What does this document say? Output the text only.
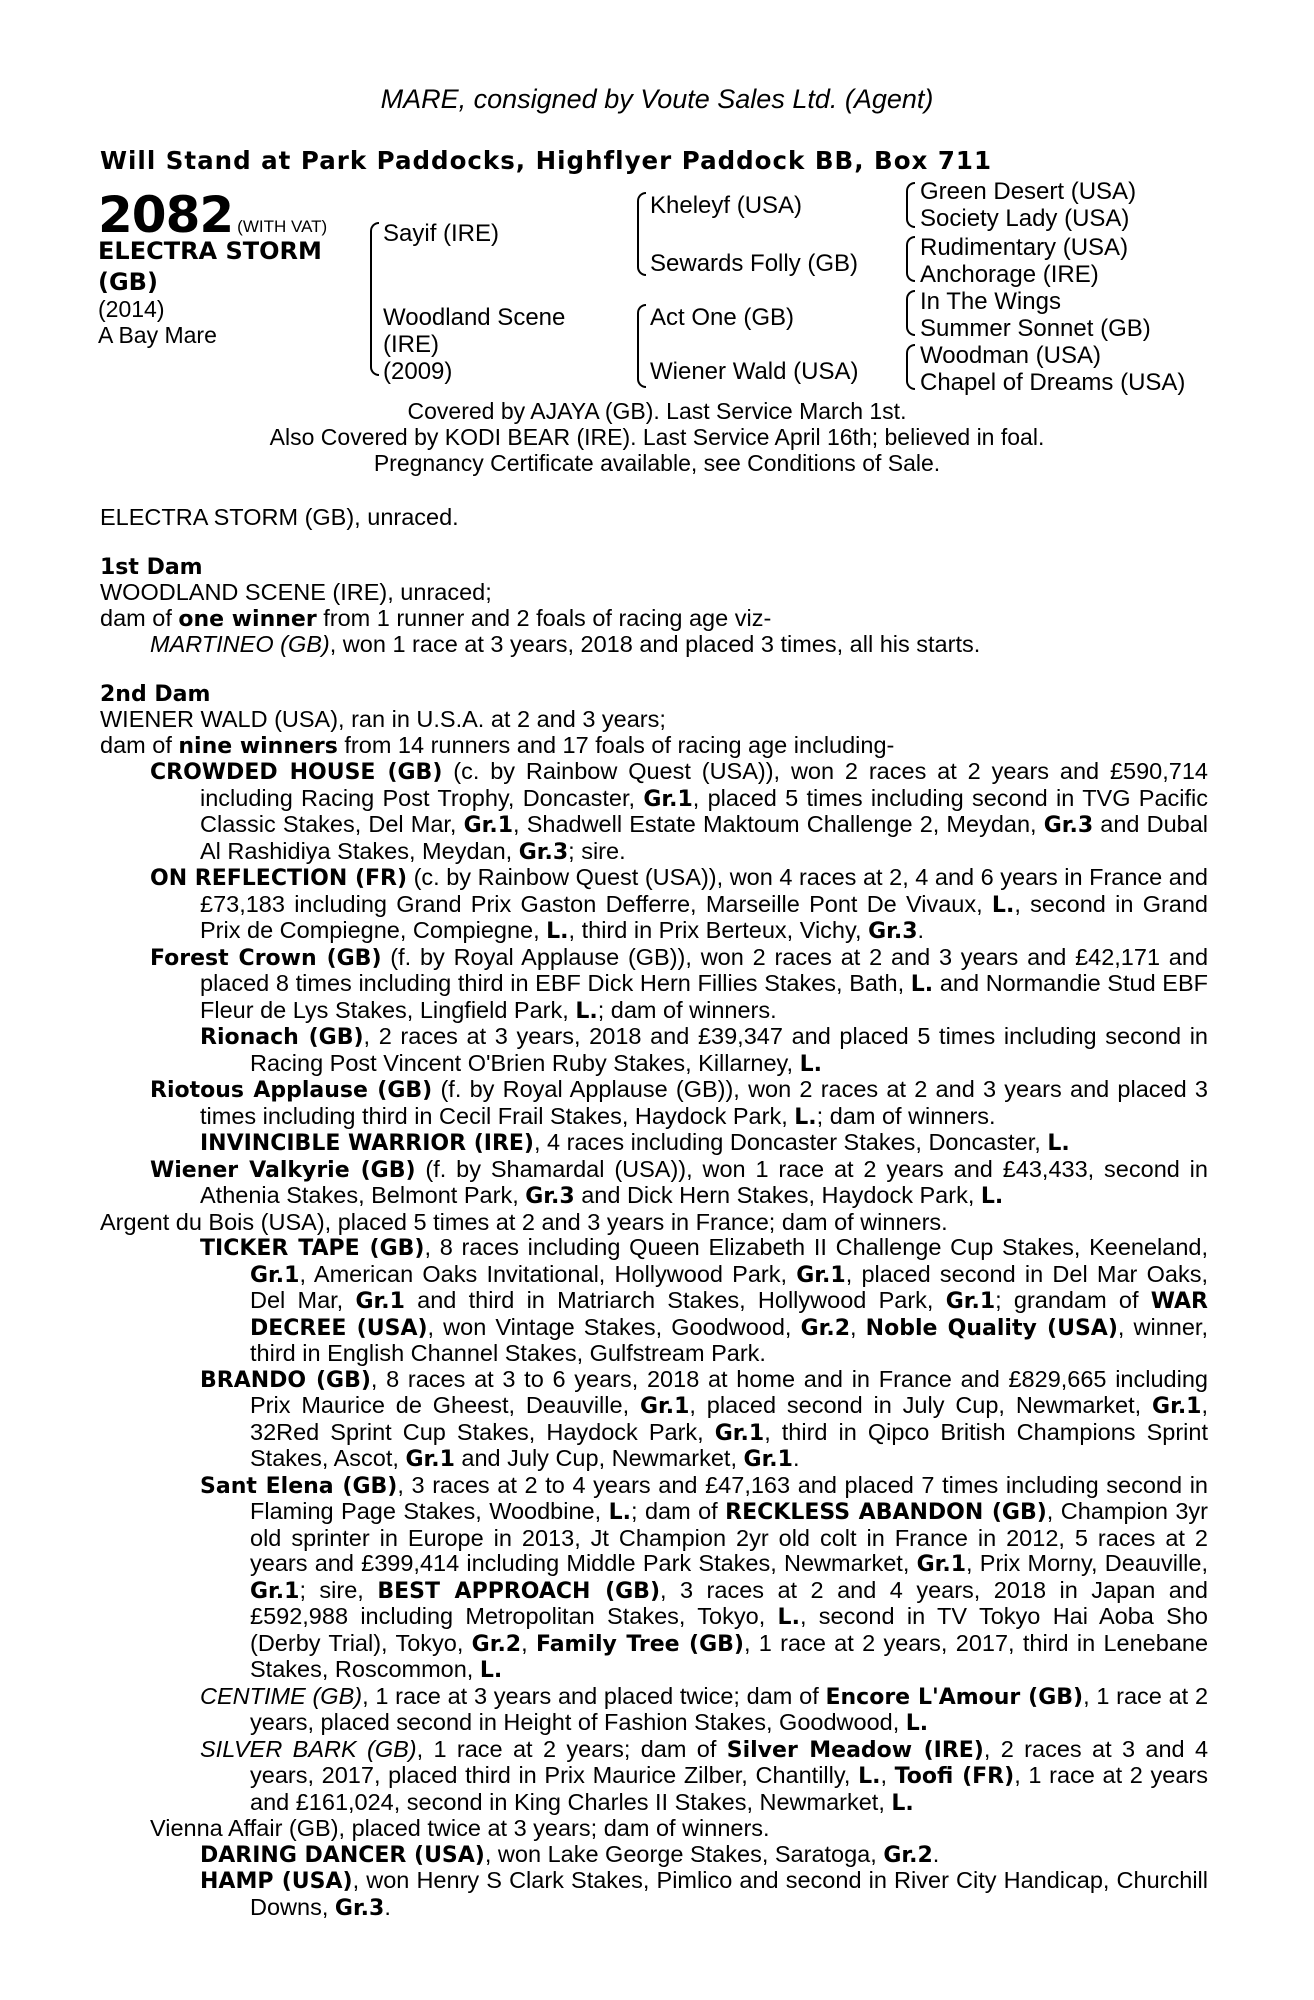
MARE, consigned by Voute Sales Ltd. (Agent)
Will Stand at Park Paddocks, Highflyer Paddock BB, Box 711
2082 (WITH VAT)
ELECTRA STORM
(GB)
(2014)
A Bay Mare
Sayif (IRE)
Woodland Scene
(IRE)
(2009)
Kheleyf (USA)
Sewards Folly (GB)
Act One (GB)
Wiener Wald (USA)
Green Desert (USA)
Society Lady (USA)
Rudimentary (USA)
Anchorage (IRE)
In The Wings
Summer Sonnet (GB)
Woodman (USA)
Chapel of Dreams (USA)
Covered by AJAYA (GB). Last Service March 1st.
Also Covered by KODI BEAR (IRE). Last Service April 16th; believed in foal.
Pregnancy Certificate available, see Conditions of Sale.

ELECTRA STORM (GB), unraced.

1st Dam

WOODLAND SCENE (IRE), unraced;

dam of one winner from 1 runner and 2 foals of racing age viz-

MARTINEO (GB), won 1 race at 3 years, 2018 and placed 3 times, all his starts.

2nd Dam

WIENER WALD (USA), ran in U.S.A. at 2 and 3 years;

dam of nine winners from 14 runners and 17 foals of racing age including-

CROWDED HOUSE (GB) (c. by Rainbow Quest (USA)), won 2 races at 2 years and £590,714 including Racing Post Trophy, Doncaster, Gr.1, placed 5 times including second in TVG Pacific Classic Stakes, Del Mar, Gr.1, Shadwell Estate Maktoum Challenge 2, Meydan, Gr.3 and Dubal Al Rashidiya Stakes, Meydan, Gr.3; sire.

ON REFLECTION (FR) (c. by Rainbow Quest (USA)), won 4 races at 2, 4 and 6 years in France and £73,183 including Grand Prix Gaston Defferre, Marseille Pont De Vivaux, L., second in Grand Prix de Compiegne, Compiegne, L., third in Prix Berteux, Vichy, Gr.3.

Forest Crown (GB) (f. by Royal Applause (GB)), won 2 races at 2 and 3 years and £42,171 and placed 8 times including third in EBF Dick Hern Fillies Stakes, Bath, L. and Normandie Stud EBF Fleur de Lys Stakes, Lingfield Park, L.; dam of winners.

Rionach (GB), 2 races at 3 years, 2018 and £39,347 and placed 5 times including second in Racing Post Vincent O'Brien Ruby Stakes, Killarney, L.

Riotous Applause (GB) (f. by Royal Applause (GB)), won 2 races at 2 and 3 years and placed 3 times including third in Cecil Frail Stakes, Haydock Park, L.; dam of winners.

INVINCIBLE WARRIOR (IRE), 4 races including Doncaster Stakes, Doncaster, L.

Wiener Valkyrie (GB) (f. by Shamardal (USA)), won 1 race at 2 years and £43,433, second in Athenia Stakes, Belmont Park, Gr.3 and Dick Hern Stakes, Haydock Park, L.

Argent du Bois (USA), placed 5 times at 2 and 3 years in France; dam of winners.

TICKER TAPE (GB), 8 races including Queen Elizabeth II Challenge Cup Stakes, Keeneland, Gr.1, American Oaks Invitational, Hollywood Park, Gr.1, placed second in Del Mar Oaks, Del Mar, Gr.1 and third in Matriarch Stakes, Hollywood Park, Gr.1; grandam of WAR DECREE (USA), won Vintage Stakes, Goodwood, Gr.2, Noble Quality (USA), winner, third in English Channel Stakes, Gulfstream Park.

BRANDO (GB), 8 races at 3 to 6 years, 2018 at home and in France and £829,665 including Prix Maurice de Gheest, Deauville, Gr.1, placed second in July Cup, Newmarket, Gr.1, 32Red Sprint Cup Stakes, Haydock Park, Gr.1, third in Qipco British Champions Sprint Stakes, Ascot, Gr.1 and July Cup, Newmarket, Gr.1.

Sant Elena (GB), 3 races at 2 to 4 years and £47,163 and placed 7 times including second in Flaming Page Stakes, Woodbine, L.; dam of RECKLESS ABANDON (GB), Champion 3yr old sprinter in Europe in 2013, Jt Champion 2yr old colt in France in 2012, 5 races at 2 years and £399,414 including Middle Park Stakes, Newmarket, Gr.1, Prix Morny, Deauville, Gr.1; sire, BEST APPROACH (GB), 3 races at 2 and 4 years, 2018 in Japan and £592,988 including Metropolitan Stakes, Tokyo, L., second in TV Tokyo Hai Aoba Sho (Derby Trial), Tokyo, Gr.2, Family Tree (GB), 1 race at 2 years, 2017, third in Lenebane Stakes, Roscommon, L.

CENTIME (GB), 1 race at 3 years and placed twice; dam of Encore L'Amour (GB), 1 race at 2 years, placed second in Height of Fashion Stakes, Goodwood, L.

SILVER BARK (GB), 1 race at 2 years; dam of Silver Meadow (IRE), 2 races at 3 and 4 years, 2017, placed third in Prix Maurice Zilber, Chantilly, L., Toofi (FR), 1 race at 2 years and £161,024, second in King Charles II Stakes, Newmarket, L.

Vienna Affair (GB), placed twice at 3 years; dam of winners.

DARING DANCER (USA), won Lake George Stakes, Saratoga, Gr.2.

HAMP (USA), won Henry S Clark Stakes, Pimlico and second in River City Handicap, Churchill Downs, Gr.3.
